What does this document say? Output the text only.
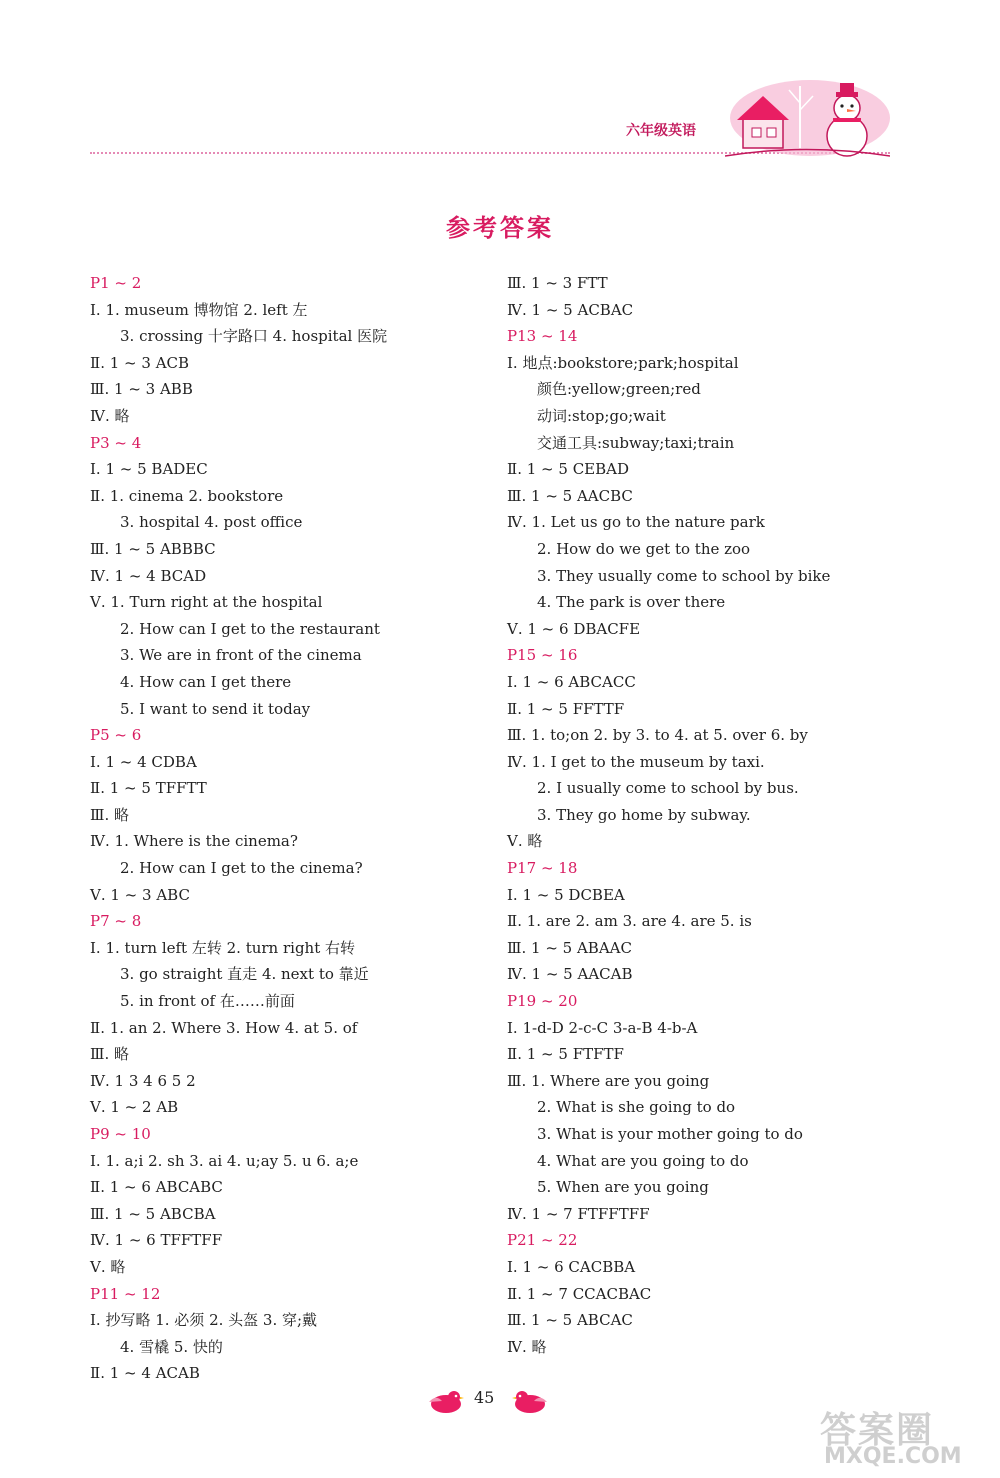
六年级英语
参考答案
P1 ~ 2
Ⅰ. 1. museum 博物馆 2. left 左
3. crossing 十字路口 4. hospital 医院
Ⅱ. 1 ~ 3 ACB
Ⅲ. 1 ~ 3 ABB
Ⅳ. 略
P3 ~ 4
Ⅰ. 1 ~ 5 BADEC
Ⅱ. 1. cinema 2. bookstore
3. hospital 4. post office
Ⅲ. 1 ~ 5 ABBBC
Ⅳ. 1 ~ 4 BCAD
Ⅴ. 1. Turn right at the hospital
2. How can I get to the restaurant
3. We are in front of the cinema
4. How can I get there
5. I want to send it today
P5 ~ 6
Ⅰ. 1 ~ 4 CDBA
Ⅱ. 1 ~ 5 TFFTT
Ⅲ. 略
Ⅳ. 1. Where is the cinema?
2. How can I get to the cinema?
Ⅴ. 1 ~ 3 ABC
P7 ~ 8
Ⅰ. 1. turn left 左转 2. turn right 右转
3. go straight 直走 4. next to 靠近
5. in front of 在……前面
Ⅱ. 1. an 2. Where 3. How 4. at 5. of
Ⅲ. 略
Ⅳ. 1 3 4 6 5 2
Ⅴ. 1 ~ 2 AB
P9 ~ 10
Ⅰ. 1. a;i 2. sh 3. ai 4. u;ay 5. u 6. a;e
Ⅱ. 1 ~ 6 ABCABC
Ⅲ. 1 ~ 5 ABCBA
Ⅳ. 1 ~ 6 TFFTFF
Ⅴ. 略
P11 ~ 12
Ⅰ. 抄写略 1. 必须 2. 头盔 3. 穿;戴
4. 雪橇 5. 快的
Ⅱ. 1 ~ 4 ACAB
Ⅲ. 1 ~ 3 FTT
Ⅳ. 1 ~ 5 ACBAC
P13 ~ 14
Ⅰ. 地点:bookstore;park;hospital
颜色:yellow;green;red
动词:stop;go;wait
交通工具:subway;taxi;train
Ⅱ. 1 ~ 5 CEBAD
Ⅲ. 1 ~ 5 AACBC
Ⅳ. 1. Let us go to the nature park
2. How do we get to the zoo
3. They usually come to school by bike
4. The park is over there
Ⅴ. 1 ~ 6 DBACFE
P15 ~ 16
Ⅰ. 1 ~ 6 ABCACC
Ⅱ. 1 ~ 5 FFTTF
Ⅲ. 1. to;on 2. by 3. to 4. at 5. over 6. by
Ⅳ. 1. I get to the museum by taxi.
2. I usually come to school by bus.
3. They go home by subway.
Ⅴ. 略
P17 ~ 18
Ⅰ. 1 ~ 5 DCBEA
Ⅱ. 1. are 2. am 3. are 4. are 5. is
Ⅲ. 1 ~ 5 ABAAC
Ⅳ. 1 ~ 5 AACAB
P19 ~ 20
Ⅰ. 1-d-D 2-c-C 3-a-B 4-b-A
Ⅱ. 1 ~ 5 FTFTF
Ⅲ. 1. Where are you going
2. What is she going to do
3. What is your mother going to do
4. What are you going to do
5. When are you going
Ⅳ. 1 ~ 7 FTFFTFF
P21 ~ 22
Ⅰ. 1 ~ 6 CACBBA
Ⅱ. 1 ~ 7 CCACBAC
Ⅲ. 1 ~ 5 ABCAC
Ⅳ. 略
45
答案圈
MXQE.COM
